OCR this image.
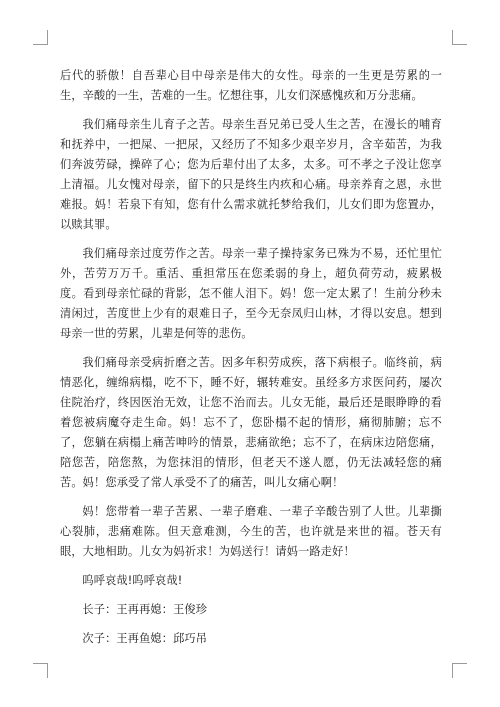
后代的骄傲！自吾辈心目中母亲是伟大的女性。母亲的一生更是劳累的一生，辛酸的一生，苦难的一生。忆想往事，儿女们深感愧疚和万分悲痛。

我们痛母亲生儿育子之苦。母亲生吾兄弟已受人生之苦，在漫长的哺育和抚养中，一把屎、一把尿，又经历了不知多少艰辛岁月，含辛茹苦，为我们奔波劳碌，操碎了心；您为后辈付出了太多，太多。可不孝之子没让您享上清福。儿女愧对母亲，留下的只是终生内疚和心痛。母亲养育之恩，永世难报。妈！若泉下有知，您有什么需求就托梦给我们，儿女们即为您置办，以赎其罪。

我们痛母亲过度劳作之苦。母亲一辈子操持家务已殊为不易，还忙里忙外，苦劳万万千。重活、重担常压在您柔弱的身上，超负荷劳动，疲累极度。看到母亲忙碌的背影，怎不催人泪下。妈！您一定太累了！生前分秒未清闲过，苦度世上少有的艰难日子，至今无奈凤归山林，才得以安息。想到母亲一世的劳累，儿辈是何等的悲伤。

我们痛母亲受病折磨之苦。因多年积劳成疾，落下病根子。临终前，病情恶化，缠绵病榻，吃不下，睡不好，辗转难安。虽经多方求医问药，屡次住院治疗，终因医治无效，让您不治而去。儿女无能，最后还是眼睁睁的看着您被病魔夺走生命。妈！忘不了，您卧榻不起的情形，痛彻肺腑；忘不了，您躺在病榻上痛苦呻吟的情景，悲痛欲绝；忘不了，在病床边陪您痛，陪您苦，陪您熬，为您抹泪的情形，但老天不遂人愿，仍无法减轻您的痛苦。妈！您承受了常人承受不了的痛苦，叫儿女痛心啊！

妈！您带着一辈子苦累、一辈子磨难、一辈子辛酸告别了人世。儿辈撕心裂肺，悲痛难陈。但天意难测，今生的苦，也许就是来世的福。苍天有眼，大地相助。儿女为妈祈求！为妈送行！请妈一路走好！

呜呼哀哉!呜呼哀哉!

长子：王再再媳：王俊珍

次子：王再鱼媳：邱巧吊
